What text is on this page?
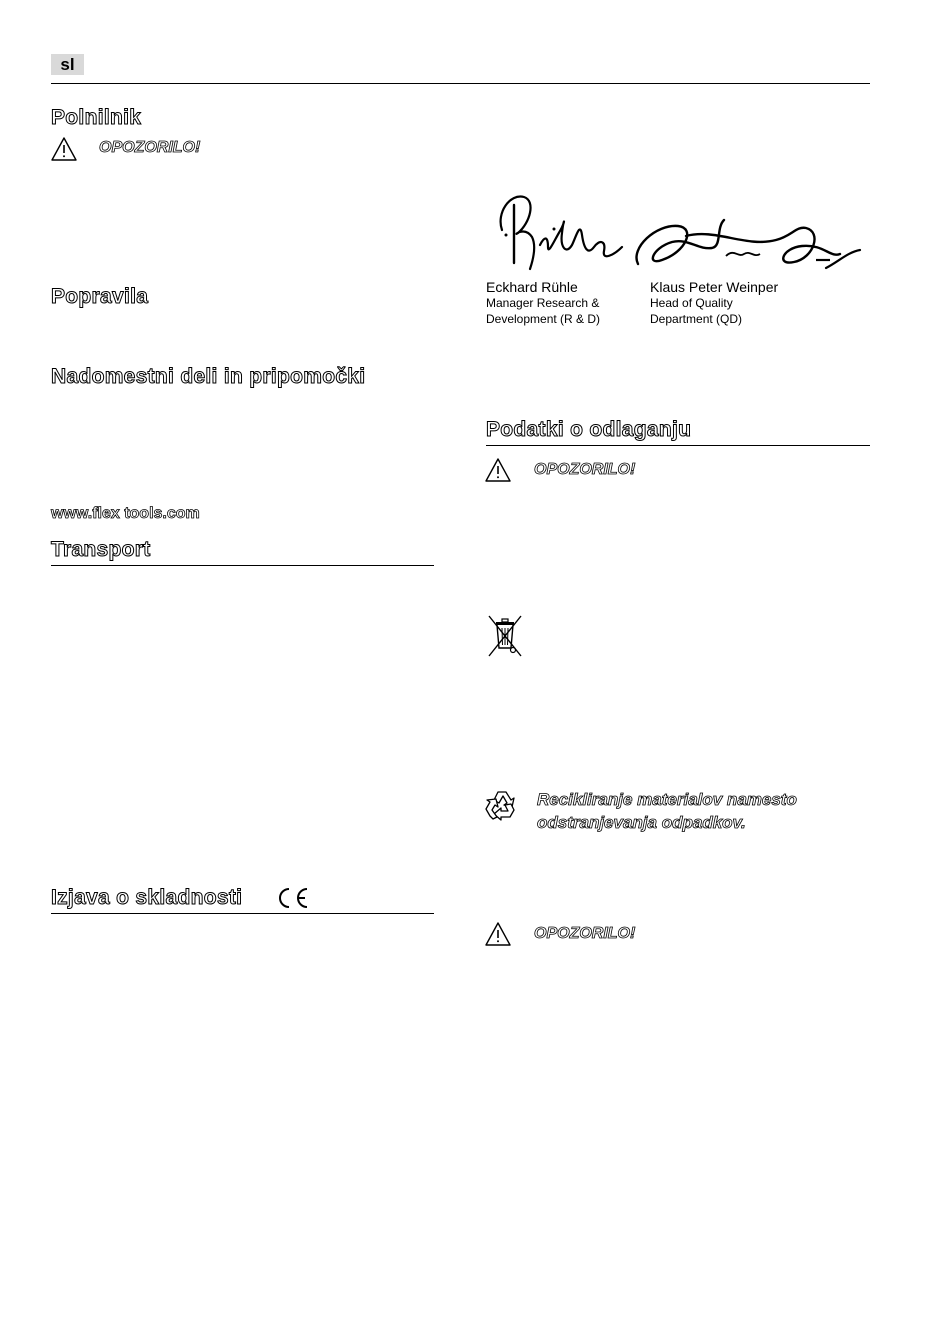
sl
Polnilnik
OPOZORILO!
Popravila
Nadomestni deli in pripomočki
www.flex tools.com
Transport
Izjava o skladnosti
Eckhard Rühle
Manager Research &
Development (R & D)
Klaus Peter Weinper
Head of Quality
Department (QD)
Podatki o odlaganju
OPOZORILO!
Recikliranje materialov namesto
odstranjevanja odpadkov.
OPOZORILO!
